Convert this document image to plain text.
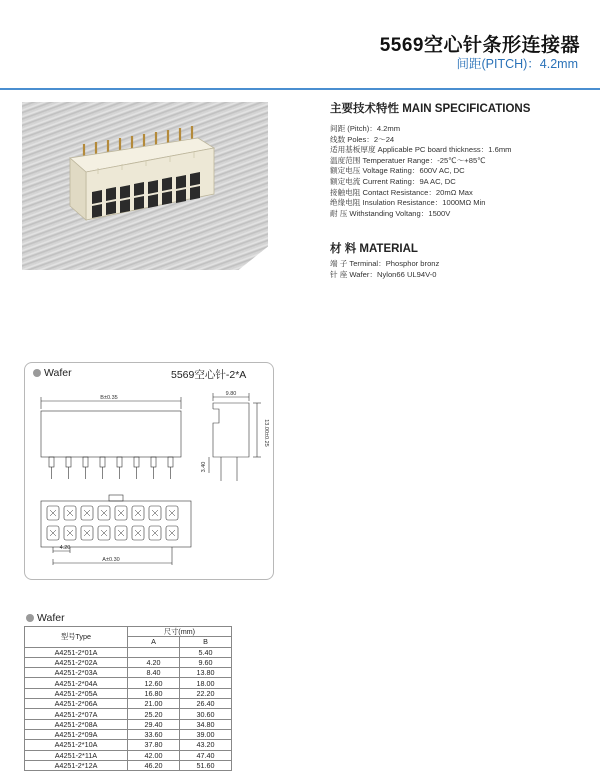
5569空心针条形连接器
间距(PITCH)：4.2mm
主要技术特性 MAIN SPECIFICATIONS
间距 (Pitch)：4.2mm
线数 Poles：2～24
适用基板厚度 Applicable PC board thickness：1.6mm
温度范围 Temperatuer Range：-25℃～+85℃
额定电压 Voltage Rating：600V AC, DC
额定电流 Current Rating：9A AC, DC
接触电阻 Contact Resistance：20mΩ Max
绝缘电阻 Insulation Resistance：1000MΩ Min
耐 压 Withstanding Voltang：1500V
材 料 MATERIAL
端 子 Terminal：Phosphor bronz
针 座 Wafer：Nylon66 UL94V-0
Wafer	5569空心针-2*A
B±0.35
9.80
13.00±0.25
3.40
4.20
A±0.30
Wafer
型号Type	尺寸(mm)	
	A	B
A4251-2*01A		5.40
A4251-2*02A	4.20	9.60
A4251-2*03A	8.40	13.80
A4251-2*04A	12.60	18.00
A4251-2*05A	16.80	22.20
A4251-2*06A	21.00	26.40
A4251-2*07A	25.20	30.60
A4251-2*08A	29.40	34.80
A4251-2*09A	33.60	39.00
A4251-2*10A	37.80	43.20
A4251-2*11A	42.00	47.40
A4251-2*12A	46.20	51.60
